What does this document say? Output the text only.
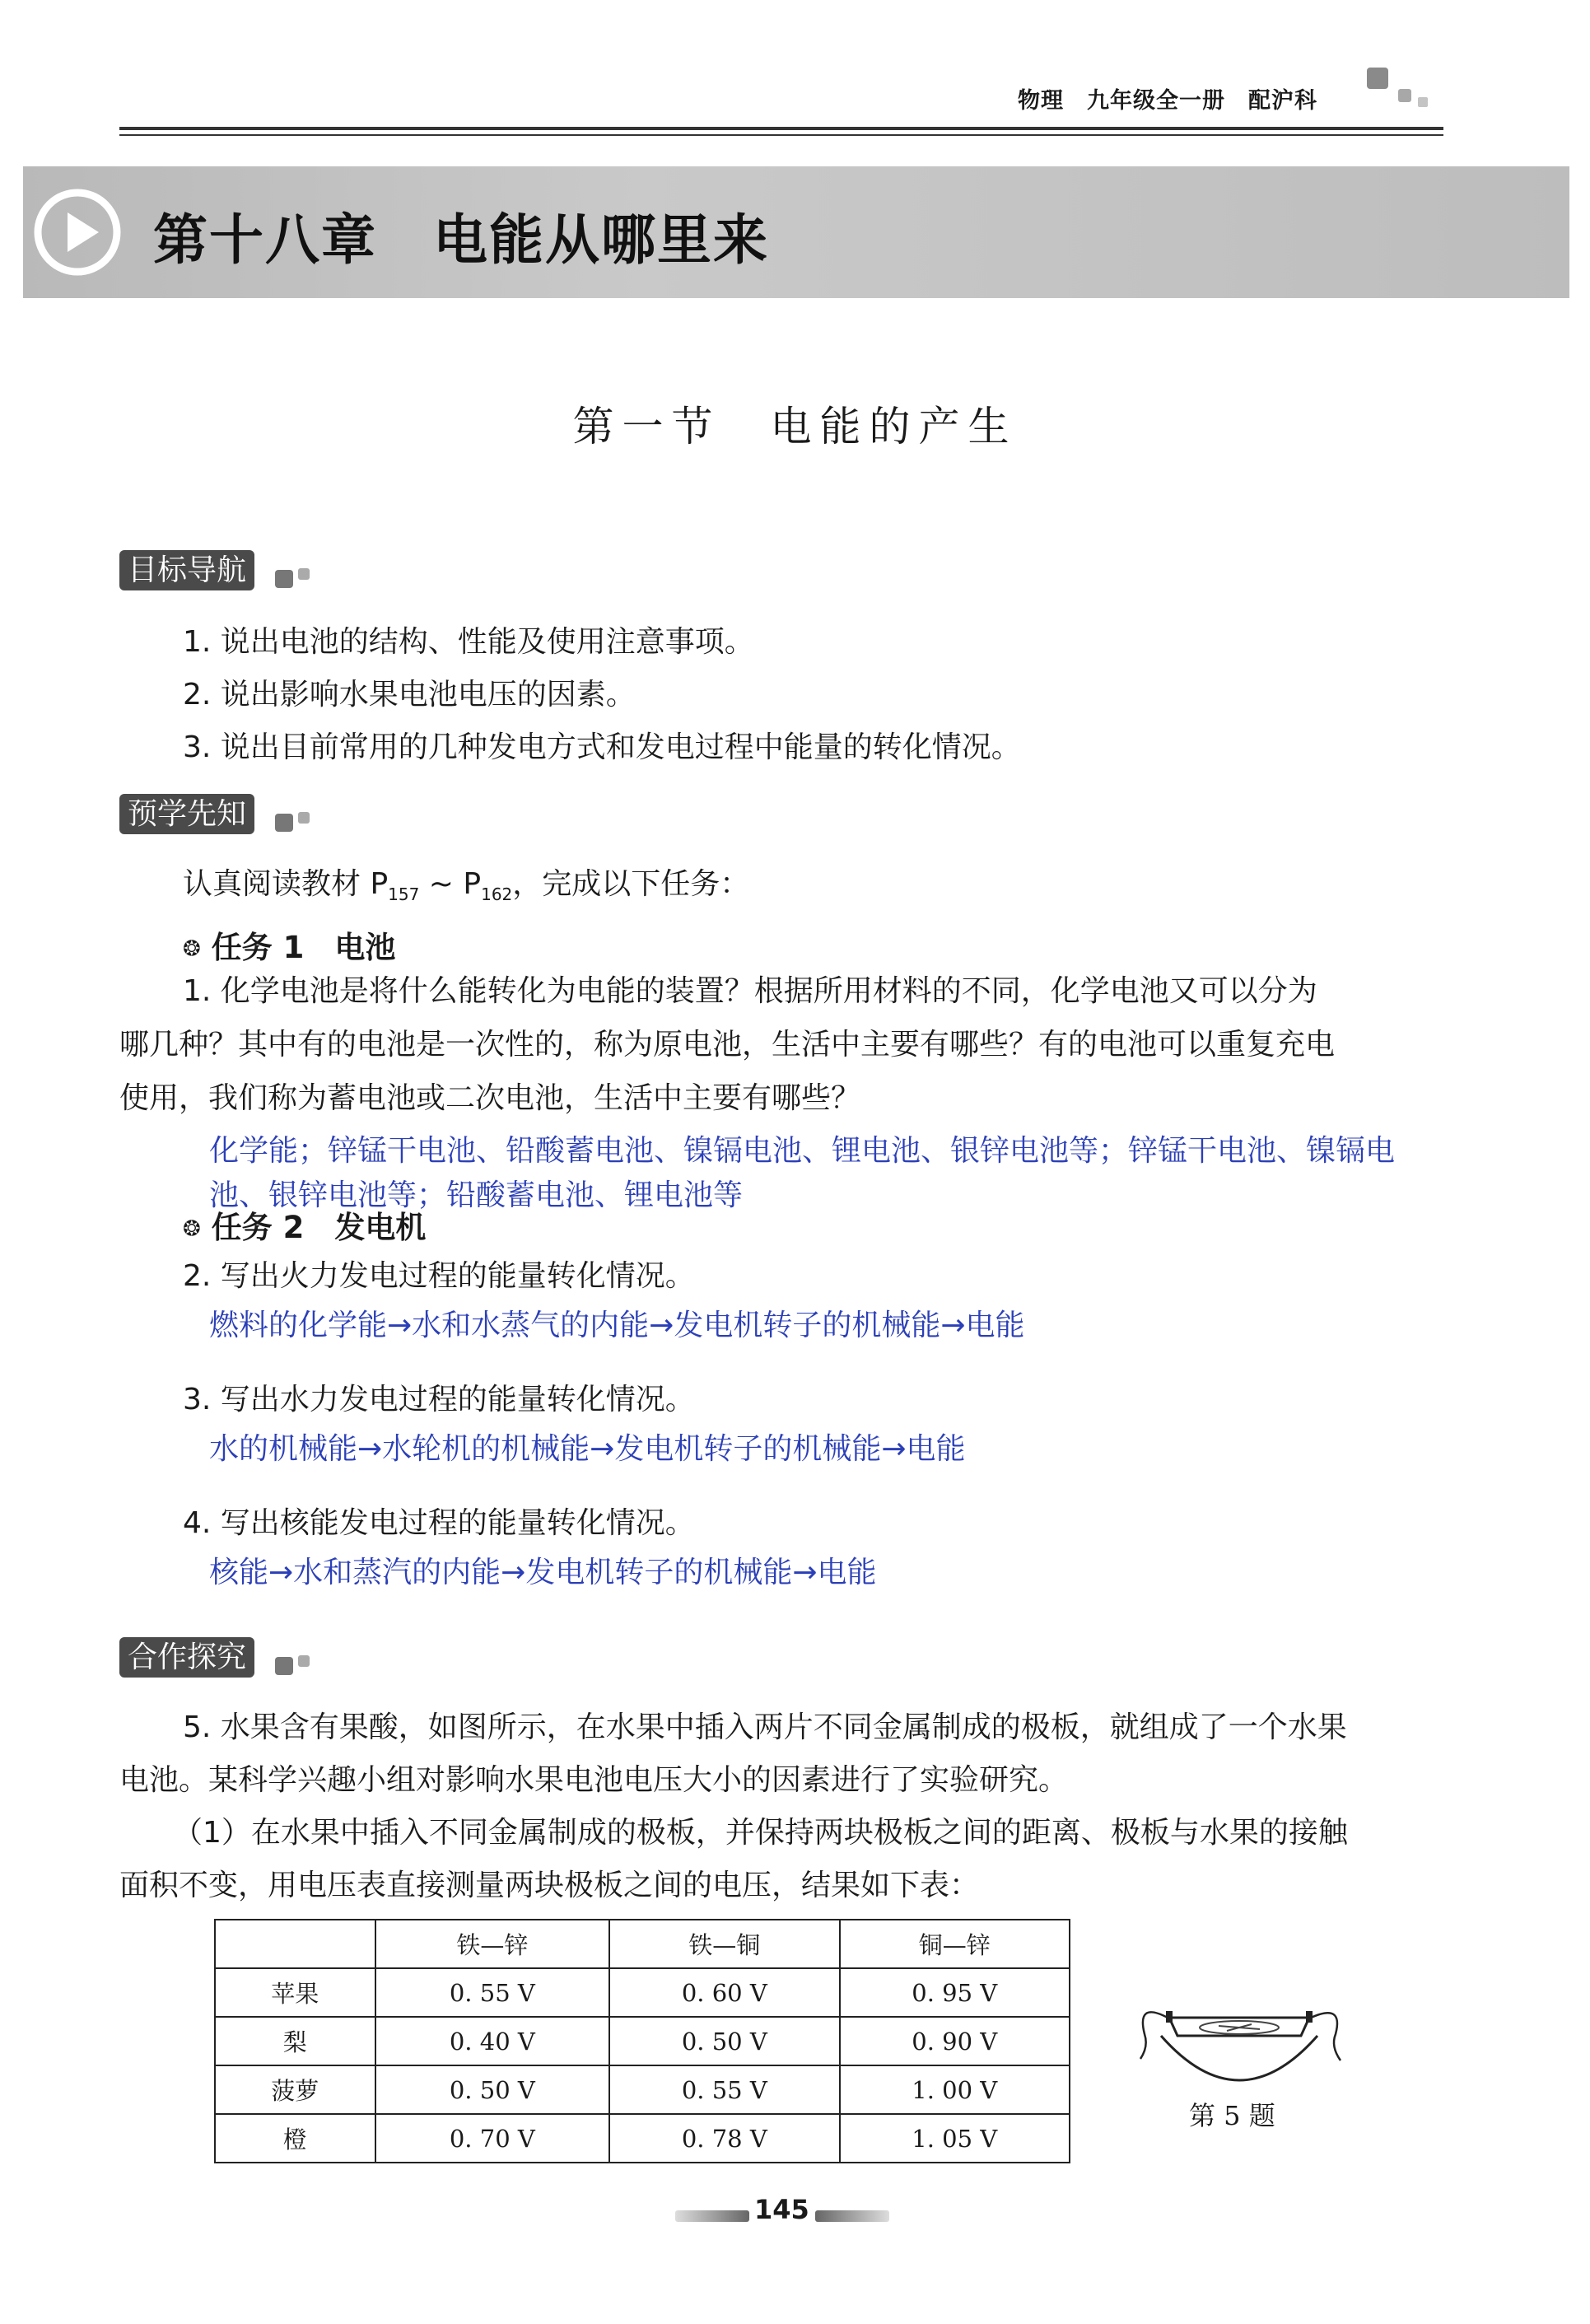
物理　九年级全一册　配沪科
第十八章　电能从哪里来
第一节　电能的产生
目标导航
1. 说出电池的结构、性能及使用注意事项。
2. 说出影响水果电池电压的因素。
3. 说出目前常用的几种发电方式和发电过程中能量的转化情况。
预学先知
认真阅读教材 $P_{157}$ ~ $P_{162}$，完成以下任务：
❂ 任务 1　电池
1. 化学电池是将什么能转化为电能的装置？根据所用材料的不同，化学电池又可以分为
哪几种？其中有的电池是一次性的，称为原电池，生活中主要有哪些？有的电池可以重复充电
使用，我们称为蓄电池或二次电池，生活中主要有哪些？
化学能；锌锰干电池、铅酸蓄电池、镍镉电池、锂电池、银锌电池等；锌锰干电池、镍镉电
池、银锌电池等；铅酸蓄电池、锂电池等
❂ 任务 2　发电机
2. 写出火力发电过程的能量转化情况。
燃料的化学能→水和水蒸气的内能→发电机转子的机械能→电能
3. 写出水力发电过程的能量转化情况。
水的机械能→水轮机的机械能→发电机转子的机械能→电能
4. 写出核能发电过程的能量转化情况。
核能→水和蒸汽的内能→发电机转子的机械能→电能
合作探究
5. 水果含有果酸，如图所示，在水果中插入两片不同金属制成的极板，就组成了一个水果
电池。某科学兴趣小组对影响水果电池电压大小的因素进行了实验研究。
（1）在水果中插入不同金属制成的极板，并保持两块极板之间的距离、极板与水果的接触
面积不变，用电压表直接测量两块极板之间的电压，结果如下表：
	铁—锌	铁—铜	铜—锌
苹果	0. 55 V	0. 60 V	0. 95 V
梨	0. 40 V	0. 50 V	0. 90 V
菠萝	0. 50 V	0. 55 V	1. 00 V
橙	0. 70 V	0. 78 V	1. 05 V
第 5 题
145
